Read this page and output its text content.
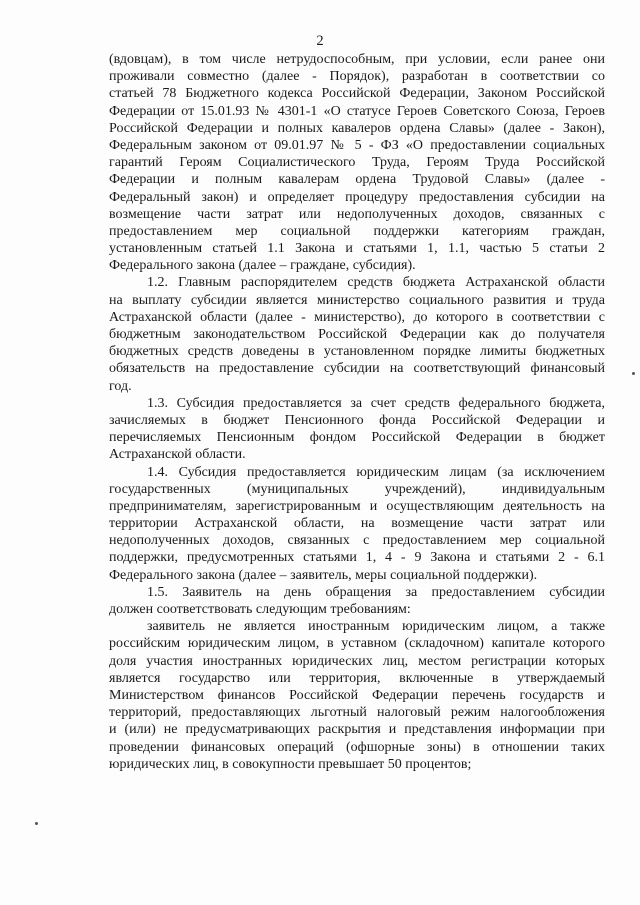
2
(вдовцам), в том числе нетрудоспособным, при условии, если ранее они
проживали совместно (далее - Порядок), разработан в соответствии со
статьей 78 Бюджетного кодекса Российской Федерации, Законом Российской
Федерации от 15.01.93 № 4301-1 «О статусе Героев Советского Союза, Героев
Российской Федерации и полных кавалеров ордена Славы» (далее - Закон),
Федеральным законом от 09.01.97 № 5 - ФЗ «О предоставлении социальных
гарантий Героям Социалистического Труда, Героям Труда Российской
Федерации и полным кавалерам ордена Трудовой Славы» (далее -
Федеральный закон) и определяет процедуру предоставления субсидии на
возмещение части затрат или недополученных доходов, связанных с
предоставлением мер социальной поддержки категориям граждан,
установленным статьей 1.1 Закона и статьями 1, 1.1, частью 5 статьи 2
Федерального закона (далее – граждане, субсидия).
1.2. Главным распорядителем средств бюджета Астраханской области
на выплату субсидии является министерство социального развития и труда
Астраханской области (далее - министерство), до которого в соответствии с
бюджетным законодательством Российской Федерации как до получателя
бюджетных средств доведены в установленном порядке лимиты бюджетных
обязательств на предоставление субсидии на соответствующий финансовый
год.
1.3. Субсидия предоставляется за счет средств федерального бюджета,
зачисляемых в бюджет Пенсионного фонда Российской Федерации и
перечисляемых Пенсионным фондом Российской Федерации в бюджет
Астраханской области.
1.4. Субсидия предоставляется юридическим лицам (за исключением
государственных (муниципальных учреждений), индивидуальным
предпринимателям, зарегистрированным и осуществляющим деятельность на
территории Астраханской области, на возмещение части затрат или
недополученных доходов, связанных с предоставлением мер социальной
поддержки, предусмотренных статьями 1, 4 - 9 Закона и статьями 2 - 6.1
Федерального закона (далее – заявитель, меры социальной поддержки).
1.5. Заявитель на день обращения за предоставлением субсидии
должен соответствовать следующим требованиям:
заявитель не является иностранным юридическим лицом, а также
российским юридическим лицом, в уставном (складочном) капитале которого
доля участия иностранных юридических лиц, местом регистрации которых
является государство или территория, включенные в утверждаемый
Министерством финансов Российской Федерации перечень государств и
территорий, предоставляющих льготный налоговый режим налогообложения
и (или) не предусматривающих раскрытия и представления информации при
проведении финансовых операций (офшорные зоны) в отношении таких
юридических лиц, в совокупности превышает 50 процентов;
